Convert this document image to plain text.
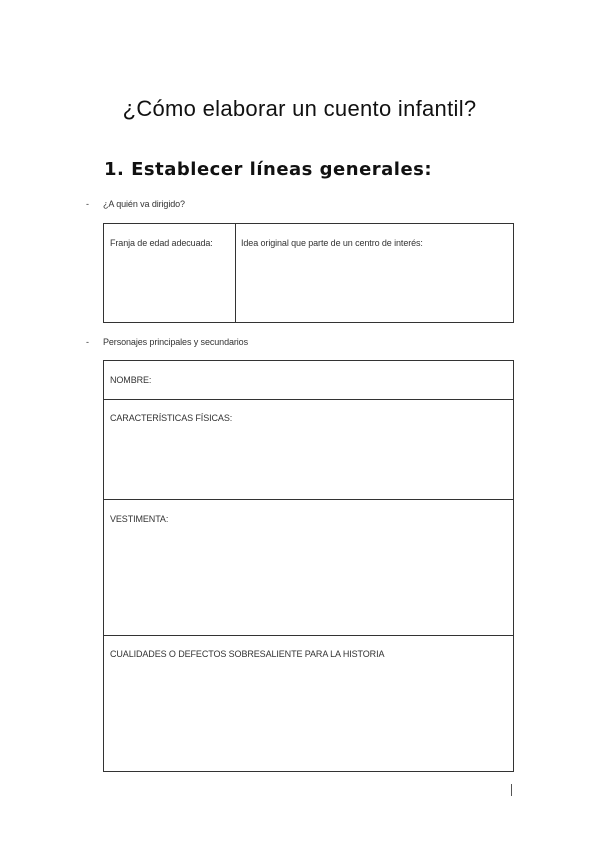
¿Cómo elaborar un cuento infantil?
1. Establecer líneas generales:
- ¿A quién va dirigido?
Franja de edad adecuada:	Idea original que parte de un centro de interés:
- Personajes principales y secundarios
NOMBRE:
CARACTERÍSTICAS FÍSICAS:
VESTIMENTA:
CUALIDADES O DEFECTOS SOBRESALIENTE PARA LA HISTORIA
